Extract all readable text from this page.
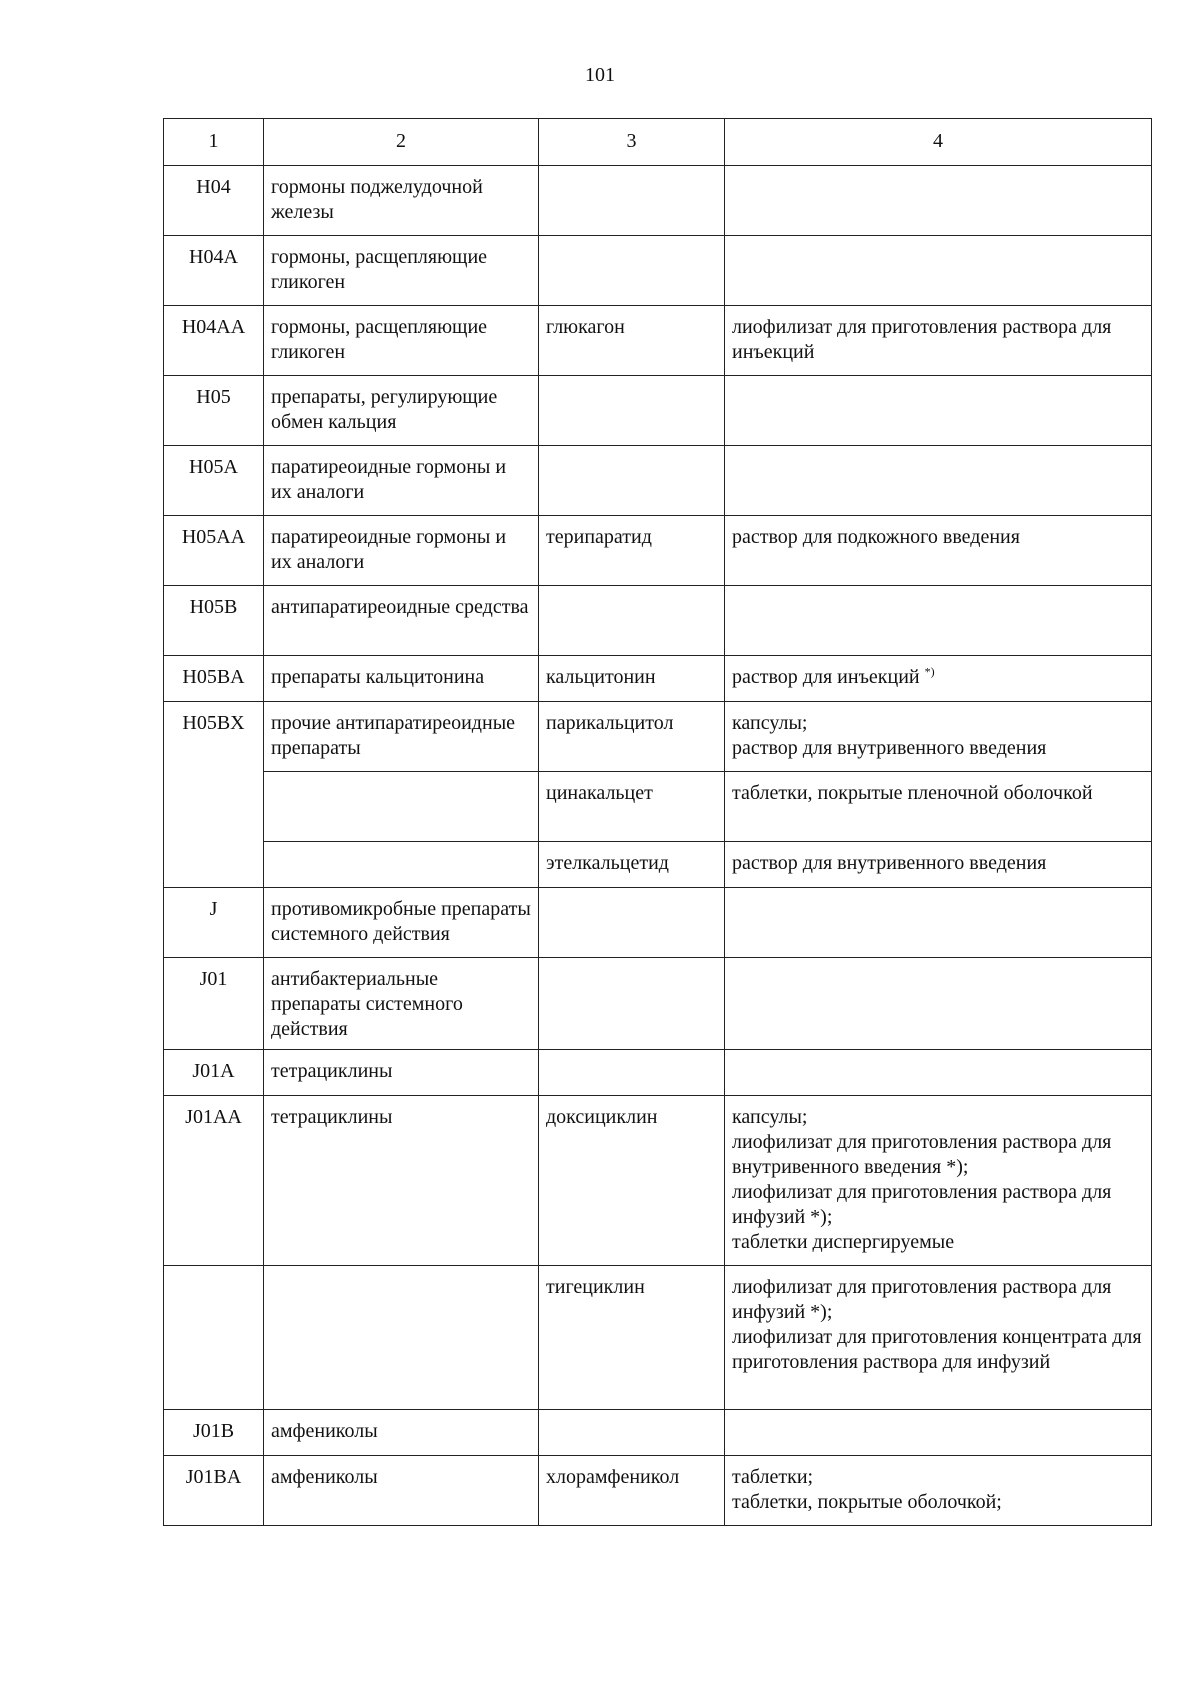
101
1	2	3	4
H04	гормоны поджелудочной железы		
H04A	гормоны, расщепляющие гликоген		
H04AA	гормоны, расщепляющие гликоген	глюкагон	лиофилизат для приготовления раствора для инъекций

H05	препараты, регулирующие обмен кальция		
H05A	паратиреоидные гормоны и их аналоги		
H05AA	паратиреоидные гормоны и их аналоги	терипаратид	раствор для подкожного введения

H05B	антипаратиреоидные средства		
H05BA	препараты кальцитонина	кальцитонин	раствор для инъекций *)
H05BX	прочие антипаратиреоидные препараты	парикальцитол	капсулы;
раствор для внутривенного введения

		цинакальцет	таблетки, покрытые пленочной оболочкой

		этелкальцетид	раствор для внутривенного введения

J	противомикробные препараты системного действия		
J01	антибактериальные препараты системного действия		
J01A	тетрациклины		
J01AA	тетрациклины	доксициклин	капсулы;
лиофилизат для приготовления раствора для внутривенного введения *);
лиофилизат для приготовления раствора для инфузий *);
таблетки диспергируемые

		тигециклин	лиофилизат для приготовления раствора для инфузий *);
лиофилизат для приготовления концентрата для приготовления раствора для инфузий

J01B	амфениколы		
J01BA	амфениколы	хлорамфеникол	таблетки;
таблетки, покрытые оболочкой;
